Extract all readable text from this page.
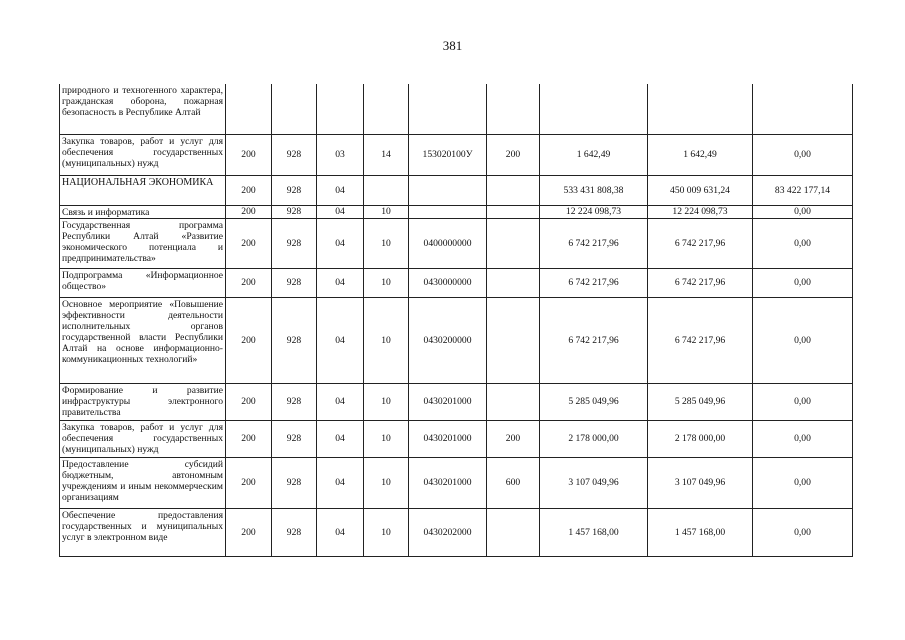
381
природного и техногенного характера, гражданская оборона, пожарная безопасность в Республике Алтай									
Закупка товаров, работ и услуг для обеспечения государственных (муниципальных) нужд	200	928	03	14	153020100У	200	1 642,49	1 642,49	0,00
НАЦИОНАЛЬНАЯ ЭКОНОМИКА	200	928	04				533 431 808,38	450 009 631,24	83 422 177,14
Связь и информатика	200	928	04	10			12 224 098,73	12 224 098,73	0,00
Государственная программа Республики Алтай «Развитие экономического потенциала и предпринимательства»	200	928	04	10	0400000000		6 742 217,96	6 742 217,96	0,00
Подпрограмма «Информационное общество»	200	928	04	10	0430000000		6 742 217,96	6 742 217,96	0,00
Основное мероприятие «Повышение эффективности деятельности исполнительных органов государственной власти Республики Алтай на основе информационно-коммуникационных технологий»	200	928	04	10	0430200000		6 742 217,96	6 742 217,96	0,00
Формирование и развитие инфраструктуры электронного правительства	200	928	04	10	0430201000		5 285 049,96	5 285 049,96	0,00
Закупка товаров, работ и услуг для обеспечения государственных (муниципальных) нужд	200	928	04	10	0430201000	200	2 178 000,00	2 178 000,00	0,00
Предоставление субсидий бюджетным, автономным учреждениям и иным некоммерческим организациям	200	928	04	10	0430201000	600	3 107 049,96	3 107 049,96	0,00
Обеспечение предоставления государственных и муниципальных услуг в электронном виде	200	928	04	10	0430202000		1 457 168,00	1 457 168,00	0,00
